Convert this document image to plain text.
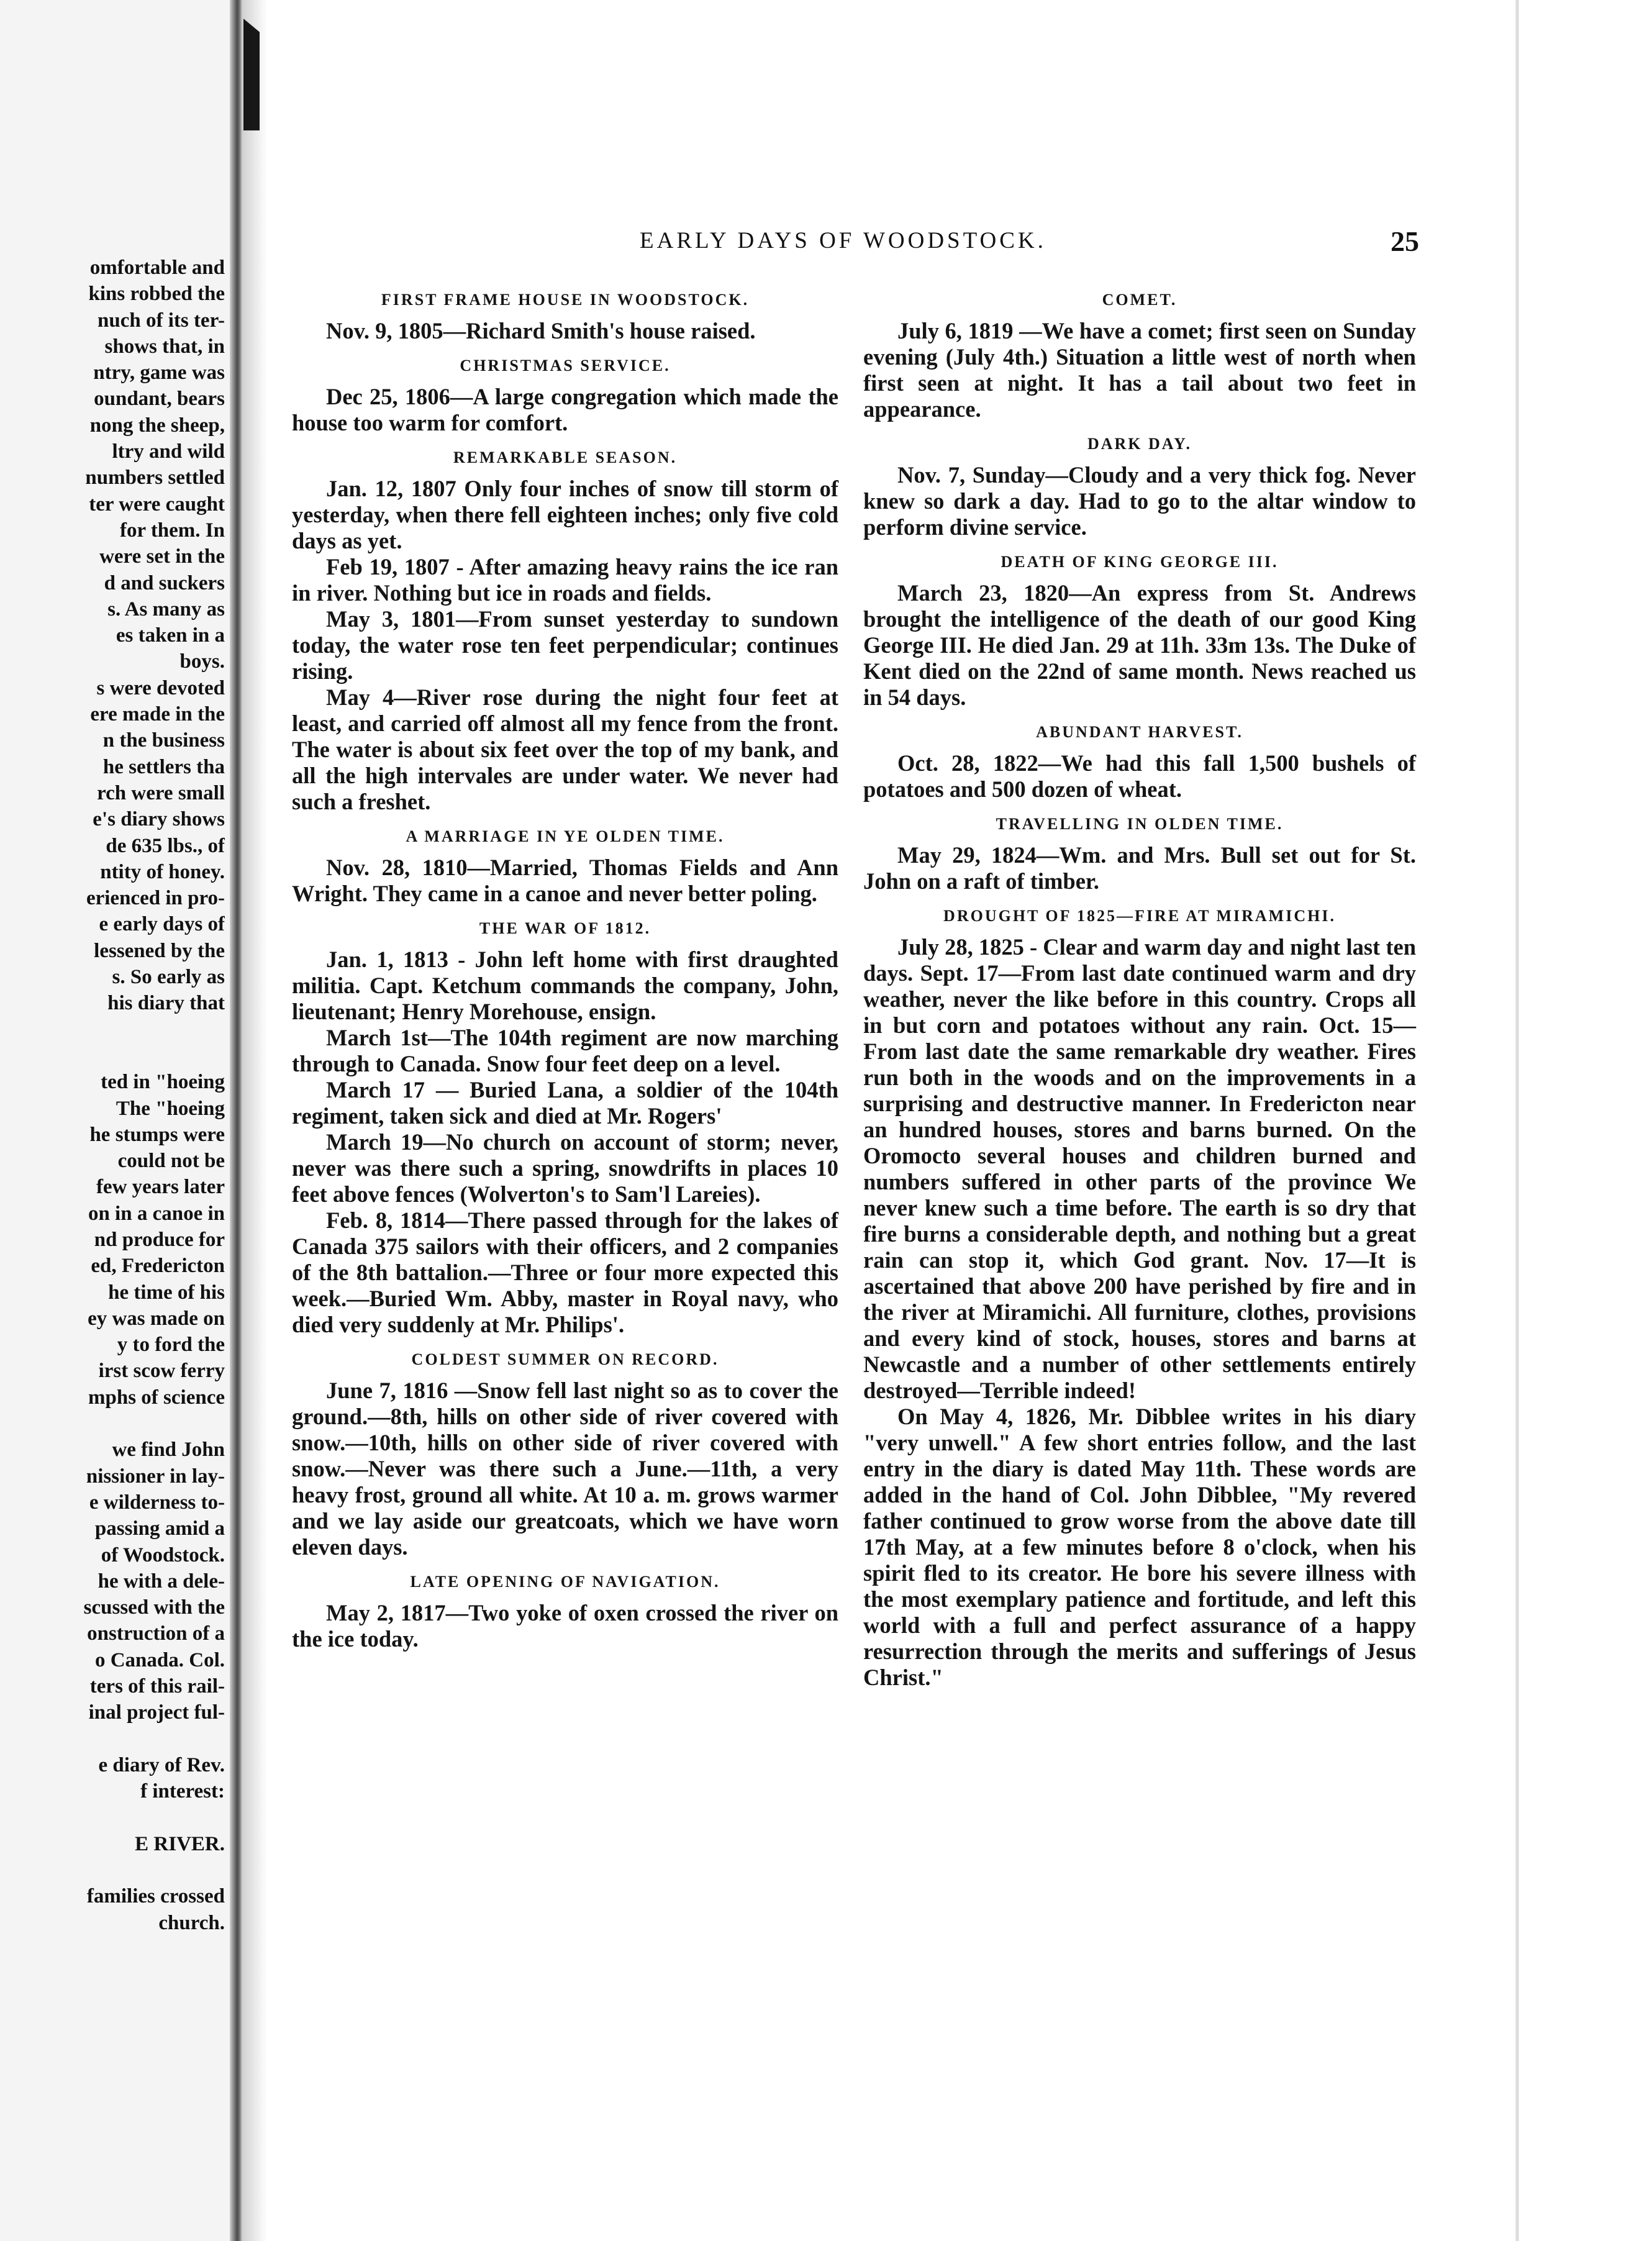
omfortable and
kins robbed the
nuch of its ter-
shows that, in
ntry, game was
oundant, bears
nong the sheep,
ltry and wild
numbers settled
ter were caught
for them. In
were set in the
d and suckers
s. As many as
es taken in a
boys.
s were devoted
ere made in the
n the business
he settlers tha
rch were small
e's diary shows
de 635 lbs., of
ntity of honey.
erienced in pro-
e early days of
lessened by the
s. So early as
his diary that

ted in "hoeing
The "hoeing
he stumps were
could not be
few years later
on in a canoe in
nd produce for
ed, Fredericton
he time of his
ey was made on
y to ford the
irst scow ferry
mphs of science

we find John
nissioner in lay-
e wilderness to-
passing amid a
of Woodstock.
he with a dele-
scussed with the
onstruction of a
o Canada. Col.
ters of this rail-
inal project ful-

e diary of Rev.
f interest:

E RIVER.

families crossed
church.
EARLY DAYS OF WOODSTOCK.	25
FIRST FRAME HOUSE IN WOODSTOCK.

Nov. 9, 1805—Richard Smith's house raised.

CHRISTMAS SERVICE.

Dec 25, 1806—A large congregation which made the house too warm for comfort.

REMARKABLE SEASON.

Jan. 12, 1807 Only four inches of snow till storm of yesterday, when there fell eighteen inches; only five cold days as yet.

Feb 19, 1807 - After amazing heavy rains the ice ran in river. Nothing but ice in roads and fields.

May 3, 1801—From sunset yesterday to sundown today, the water rose ten feet perpendicular; continues rising.

May 4—River rose during the night four feet at least, and carried off almost all my fence from the front. The water is about six feet over the top of my bank, and all the high intervales are under water. We never had such a freshet.

A MARRIAGE IN YE OLDEN TIME.

Nov. 28, 1810—Married, Thomas Fields and Ann Wright. They came in a canoe and never better poling.

THE WAR OF 1812.

Jan. 1, 1813 - John left home with first draughted militia. Capt. Ketchum commands the company, John, lieutenant; Henry Morehouse, ensign.

March 1st—The 104th regiment are now marching through to Canada. Snow four feet deep on a level.

March 17 — Buried Lana, a soldier of the 104th regiment, taken sick and died at Mr. Rogers'

March 19—No church on account of storm; never, never was there such a spring, snowdrifts in places 10 feet above fences (Wolverton's to Sam'l Lareies).

Feb. 8, 1814—There passed through for the lakes of Canada 375 sailors with their officers, and 2 companies of the 8th battalion.—Three or four more expected this week.—Buried Wm. Abby, master in Royal navy, who died very suddenly at Mr. Philips'.

COLDEST SUMMER ON RECORD.

June 7, 1816 —Snow fell last night so as to cover the ground.—8th, hills on other side of river covered with snow.—10th, hills on other side of river covered with snow.—Never was there such a June.—11th, a very heavy frost, ground all white. At 10 a. m. grows warmer and we lay aside our greatcoats, which we have worn eleven days.

LATE OPENING OF NAVIGATION.

May 2, 1817—Two yoke of oxen crossed the river on the ice today.

COMET.

July 6, 1819 —We have a comet; first seen on Sunday evening (July 4th.) Situation a little west of north when first seen at night. It has a tail about two feet in appearance.

DARK DAY.

Nov. 7, Sunday—Cloudy and a very thick fog. Never knew so dark a day. Had to go to the altar window to perform divine service.

DEATH OF KING GEORGE III.

March 23, 1820—An express from St. Andrews brought the intelligence of the death of our good King George III. He died Jan. 29 at 11h. 33m 13s. The Duke of Kent died on the 22nd of same month. News reached us in 54 days.

ABUNDANT HARVEST.

Oct. 28, 1822—We had this fall 1,500 bushels of potatoes and 500 dozen of wheat.

TRAVELLING IN OLDEN TIME.

May 29, 1824—Wm. and Mrs. Bull set out for St. John on a raft of timber.

DROUGHT OF 1825—FIRE AT MIRAMICHI.

July 28, 1825 - Clear and warm day and night last ten days. Sept. 17—From last date continued warm and dry weather, never the like before in this country. Crops all in but corn and potatoes without any rain. Oct. 15—From last date the same remarkable dry weather. Fires run both in the woods and on the improvements in a surprising and destructive manner. In Fredericton near an hundred houses, stores and barns burned. On the Oromocto several houses and children burned and numbers suffered in other parts of the province We never knew such a time before. The earth is so dry that fire burns a considerable depth, and nothing but a great rain can stop it, which God grant. Nov. 17—It is ascertained that above 200 have perished by fire and in the river at Miramichi. All furniture, clothes, provisions and every kind of stock, houses, stores and barns at Newcastle and a number of other settlements entirely destroyed—Terrible indeed!

On May 4, 1826, Mr. Dibblee writes in his diary "very unwell." A few short entries follow, and the last entry in the diary is dated May 11th. These words are added in the hand of Col. John Dibblee, "My revered father continued to grow worse from the above date till 17th May, at a few minutes before 8 o'clock, when his spirit fled to its creator. He bore his severe illness with the most exemplary patience and fortitude, and left this world with a full and perfect assurance of a happy resurrection through the merits and sufferings of Jesus Christ."
